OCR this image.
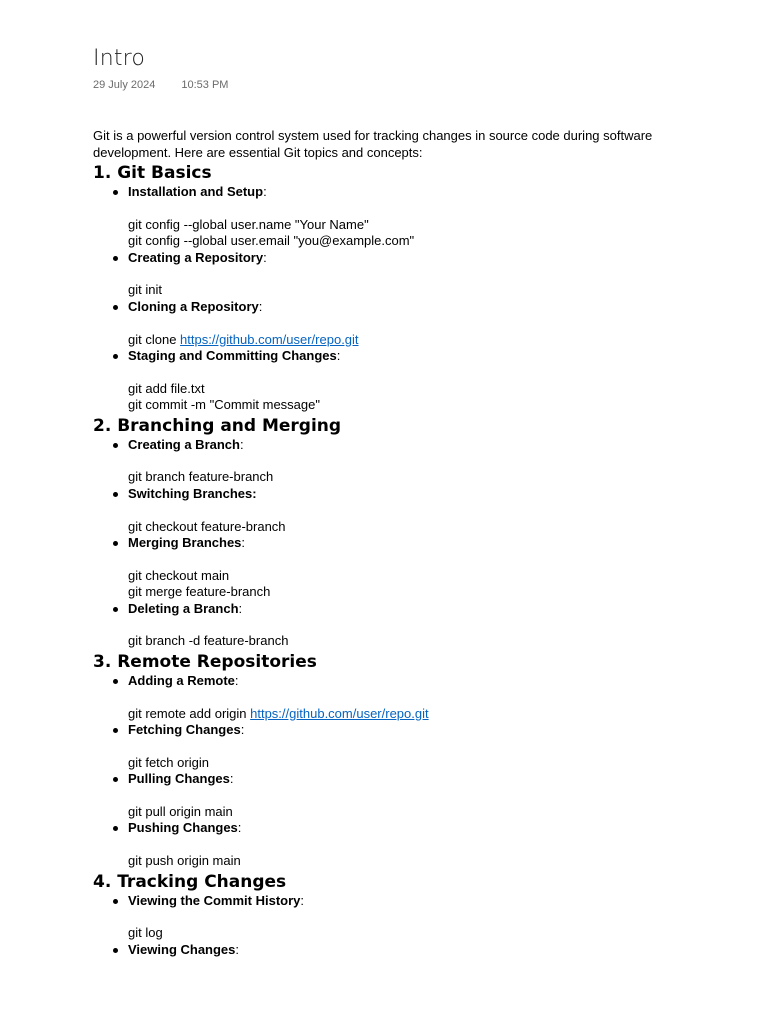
Intro
29 July 2024 10:53 PM
Git is a powerful version control system used for tracking changes in source code during software development. Here are essential Git topics and concepts:
1. Git Basics
Installation and Setup:
git config --global user.name "Your Name"
git config --global user.email "you@example.com"
Creating a Repository:
git init
Cloning a Repository:
git clone https://github.com/user/repo.git
Staging and Committing Changes:
git add file.txt
git commit -m "Commit message"
2. Branching and Merging
Creating a Branch:
git branch feature-branch
Switching Branches:
git checkout feature-branch
Merging Branches:
git checkout main
git merge feature-branch
Deleting a Branch:
git branch -d feature-branch
3. Remote Repositories
Adding a Remote:
git remote add origin https://github.com/user/repo.git
Fetching Changes:
git fetch origin
Pulling Changes:
git pull origin main
Pushing Changes:
git push origin main
4. Tracking Changes
Viewing the Commit History:
git log
Viewing Changes:
